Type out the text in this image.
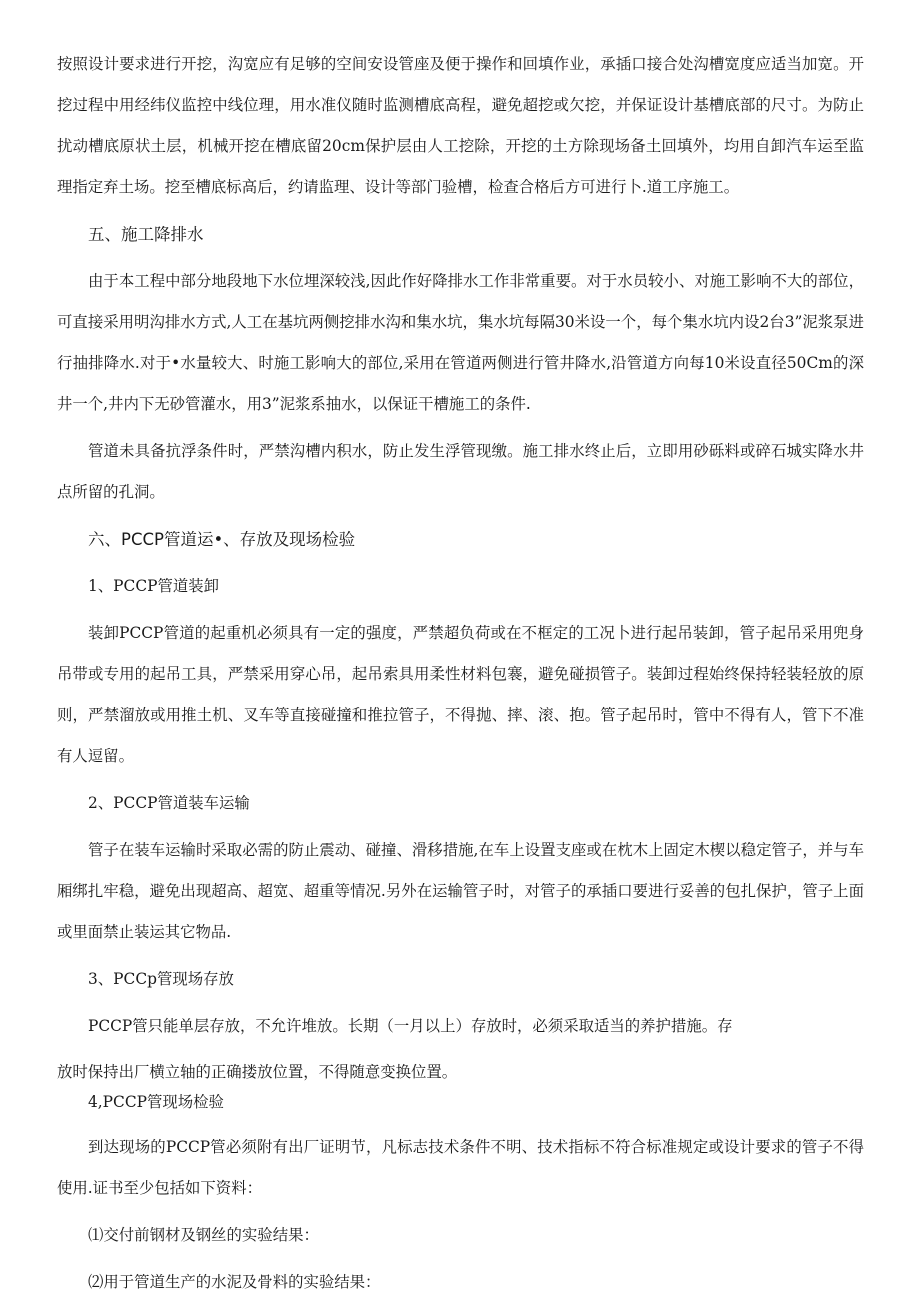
按照设计要求进行开挖，沟宽应有足够的空间安设管座及便于操作和回填作业，承插口接合处沟槽宽度应适当加宽。开挖过程中用经纬仪监控中线位理，用水准仪随时监测槽底高程，避免超挖或欠挖，并保证设计基槽底部的尺寸。为防止扰动槽底原状土层，机械开挖在槽底留20cm保护层由人工挖除，开挖的土方除现场备土回填外，均用自卸汽车运至监理指定弃土场。挖至槽底标高后，约请监理、设计等部门验槽，检查合格后方可进行卜.道工序施工。

五、施工降排水

由于本工程中部分地段地下水位埋深较浅,因此作好降排水工作非常重要。对于水员较小、对施工影响不大的部位，可直接采用明沟排水方式,人工在基坑两侧挖排水沟和集水坑，集水坑每隔30米设一个，每个集水坑内设2台3”泥浆泵进行抽排降水.对于•水量较大、时施工影响大的部位,采用在管道两侧进行管井降水,沿管道方向每10米设直径50Cm的深井一个,井内下无砂管灌水，用3”泥浆系抽水，以保证干槽施工的条件.

管道未具备抗浮条件时，严禁沟槽内积水，防止发生浮管现缴。施工排水终止后，立即用砂砾料或碎石城实降水井点所留的孔洞。

六、PCCP管道运•、存放及现场检验

1、PCCP管道装卸

装卸PCCP管道的起重机必须具有一定的强度，严禁超负荷或在不框定的工况卜进行起吊装卸，管子起吊采用兜身吊带或专用的起吊工具，严禁采用穿心吊，起吊索具用柔性材料包褰，避免碰损管子。装卸过程始终保持轻装轻放的原则，严禁溜放或用推土机、叉车等直接碰撞和推拉管子，不得抛、摔、滚、抱。管子起吊时，管中不得有人，管下不准有人逗留。

2、PCCP管道装车运输

管子在装车运输时采取必需的防止震动、碰撞、滑移措施,在车上设置支座或在枕木上固定木楔以稳定管子，并与车厢绑扎牢稳，避免出现超高、超宽、超重等情况.另外在运输管子时，对管子的承插口要进行妥善的包扎保护，管子上面或里面禁止装运其它物品.

3、PCCp管现场存放

PCCP管只能单层存放，不允许堆放。长期（一月以上）存放时，必须采取适当的养护措施。存

放时保持出厂横立轴的正确搂放位置，不得随意变换位置。

4,PCCP管现场检验

到达现场的PCCP管必须附有出厂证明节，凡标志技术条件不明、技术指标不符合标准规定或设计要求的管子不得使用.证书至少包括如下资料：

⑴交付前钢材及钢丝的实验结果：

⑵用于管道生产的水泥及骨料的实验结果：
